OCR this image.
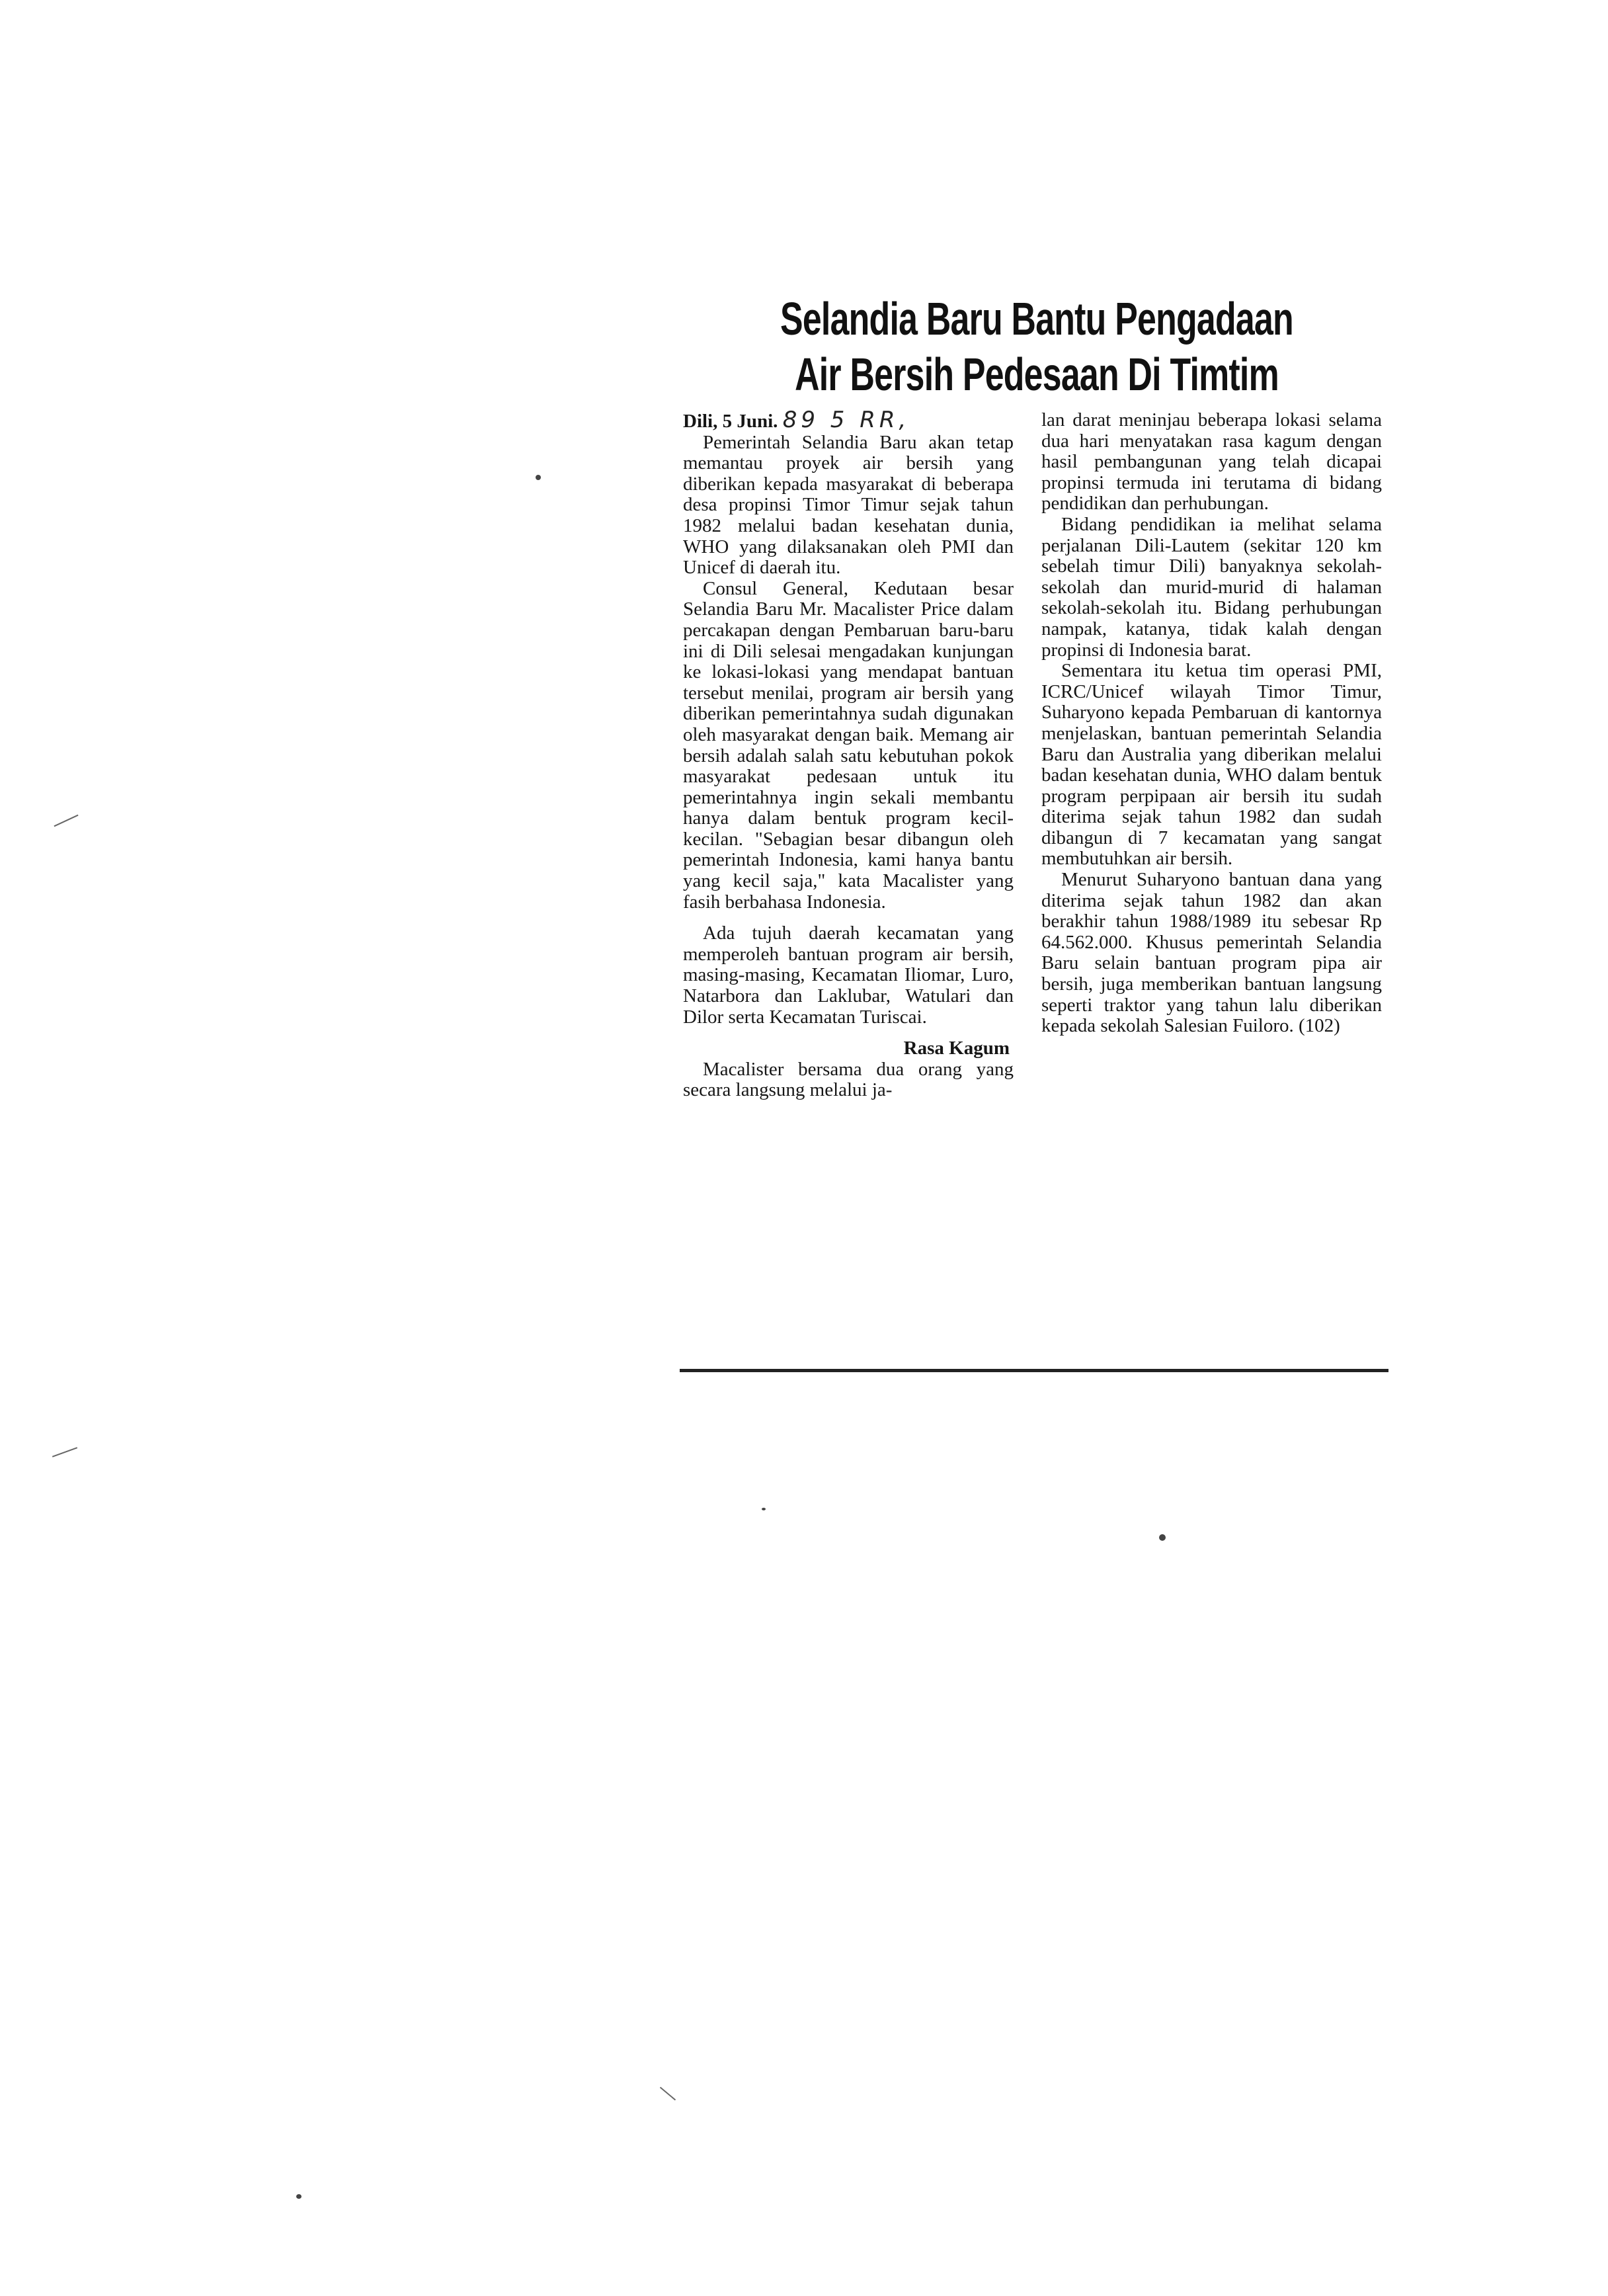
Selandia Baru Bantu Pengadaan
Air Bersih Pedesaan Di Timtim

Dili, 5 Juni. 89 5 RR,

Pemerintah Selandia Baru akan tetap memantau proyek air bersih yang diberikan kepada masyarakat di beberapa desa propinsi Timor Timur sejak tahun 1982 melalui badan kesehatan dunia, WHO yang dilaksanakan oleh PMI dan Unicef di daerah itu.

Consul General, Kedutaan besar Selandia Baru Mr. Macalister Price dalam percakapan dengan Pembaruan baru-baru ini di Dili selesai mengadakan kunjungan ke lokasi-lokasi yang mendapat bantuan tersebut menilai, program air bersih yang diberikan pemerintahnya sudah digunakan oleh masyarakat dengan baik. Memang air bersih adalah salah satu kebutuhan pokok masyarakat pedesaan untuk itu pemerintahnya ingin sekali membantu hanya dalam bentuk program kecil-kecilan. "Sebagian besar dibangun oleh pemerintah Indonesia, kami hanya bantu yang kecil saja," kata Macalister yang fasih berbahasa Indonesia.

Ada tujuh daerah kecamatan yang memperoleh bantuan program air bersih, masing-masing, Kecamatan Iliomar, Luro, Natarbora dan Laklubar, Watulari dan Dilor serta Kecamatan Turiscai.

Rasa Kagum

Macalister bersama dua orang yang secara langsung melalui ja-

lan darat meninjau beberapa lokasi selama dua hari menyatakan rasa kagum dengan hasil pembangunan yang telah dicapai propinsi termuda ini terutama di bidang pendidikan dan perhubungan.

Bidang pendidikan ia melihat selama perjalanan Dili-Lautem (sekitar 120 km sebelah timur Dili) banyaknya sekolah-sekolah dan murid-murid di halaman sekolah-sekolah itu. Bidang perhubungan nampak, katanya, tidak kalah dengan propinsi di Indonesia barat.

Sementara itu ketua tim operasi PMI, ICRC/Unicef wilayah Timor Timur, Suharyono kepada Pembaruan di kantornya menjelaskan, bantuan pemerintah Selandia Baru dan Australia yang diberikan melalui badan kesehatan dunia, WHO dalam bentuk program perpipaan air bersih itu sudah diterima sejak tahun 1982 dan sudah dibangun di 7 kecamatan yang sangat membutuhkan air bersih.

Menurut Suharyono bantuan dana yang diterima sejak tahun 1982 dan akan berakhir tahun 1988/1989 itu sebesar Rp 64.562.000. Khusus pemerintah Selandia Baru selain bantuan program pipa air bersih, juga memberikan bantuan langsung seperti traktor yang tahun lalu diberikan kepada sekolah Salesian Fuiloro. (102)
